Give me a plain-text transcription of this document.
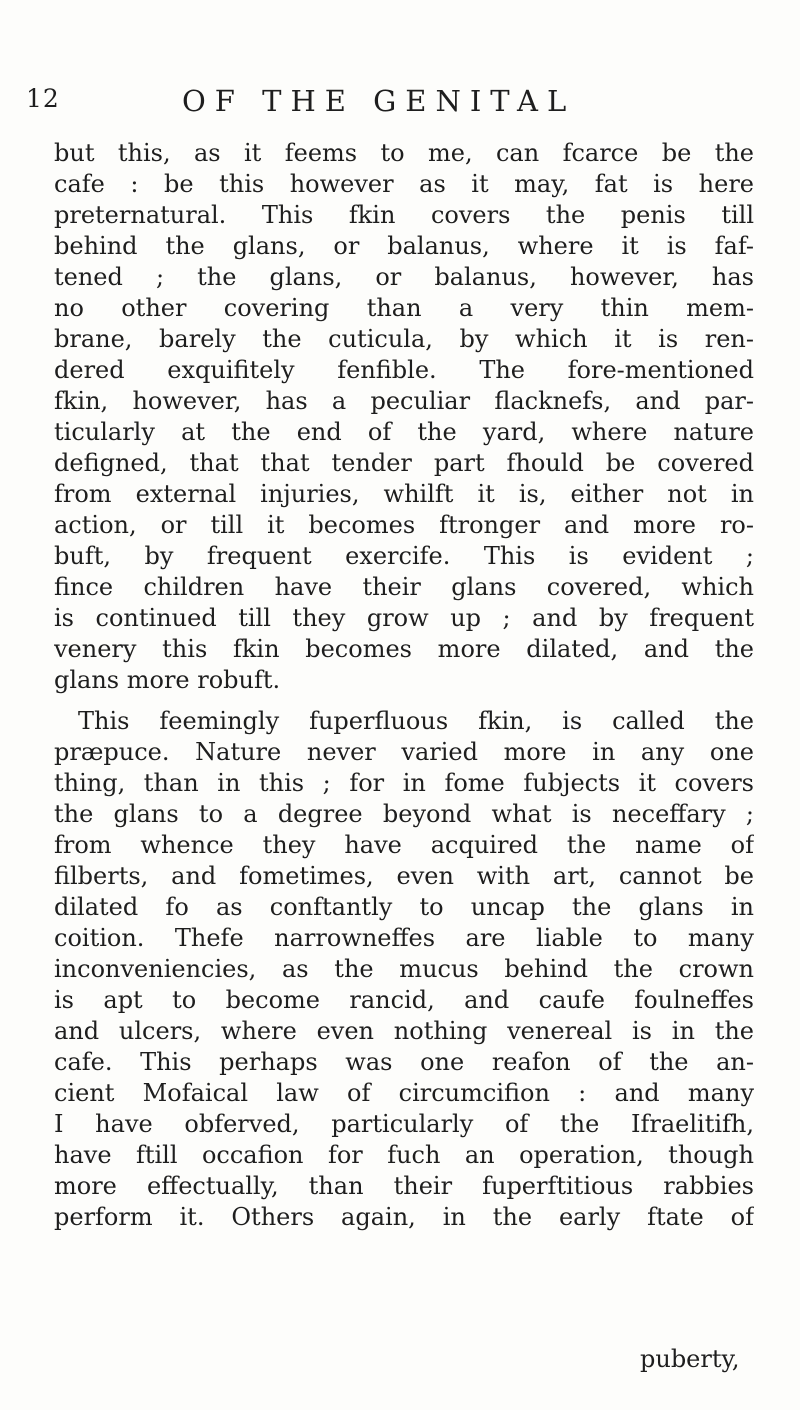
12	OF THE GENITAL
but this, as it feems to me, can fcarce be the
cafe : be this however as it may, fat is here
preternatural. This fkin covers the penis till
behind the glans, or balanus, where it is faf-
tened ; the glans, or balanus, however, has
no other covering than a very thin mem-
brane, barely the cuticula, by which it is ren-
dered exquifitely fenfible. The fore-mentioned
fkin, however, has a peculiar flacknefs, and par-
ticularly at the end of the yard, where nature
defigned, that that tender part fhould be covered
from external injuries, whilft it is, either not in
action, or till it becomes ftronger and more ro-
buft, by frequent exercife. This is evident ;
fince children have their glans covered, which
is continued till they grow up ; and by frequent
venery this fkin becomes more dilated, and the
glans more robuft.
This feemingly fuperfluous fkin, is called the
præpuce. Nature never varied more in any one
thing, than in this ; for in fome fubjects it covers
the glans to a degree beyond what is neceffary ;
from whence they have acquired the name of
filberts, and fometimes, even with art, cannot be
dilated fo as conftantly to uncap the glans in
coition. Thefe narrowneffes are liable to many
inconveniencies, as the mucus behind the crown
is apt to become rancid, and caufe foulneffes
and ulcers, where even nothing venereal is in the
cafe. This perhaps was one reafon of the an-
cient Mofaical law of circumcifion : and many
I have obferved, particularly of the Ifraelitifh,
have ftill occafion for fuch an operation, though
more effectually, than their fuperftitious rabbies
perform it. Others again, in the early ftate of
puberty,
